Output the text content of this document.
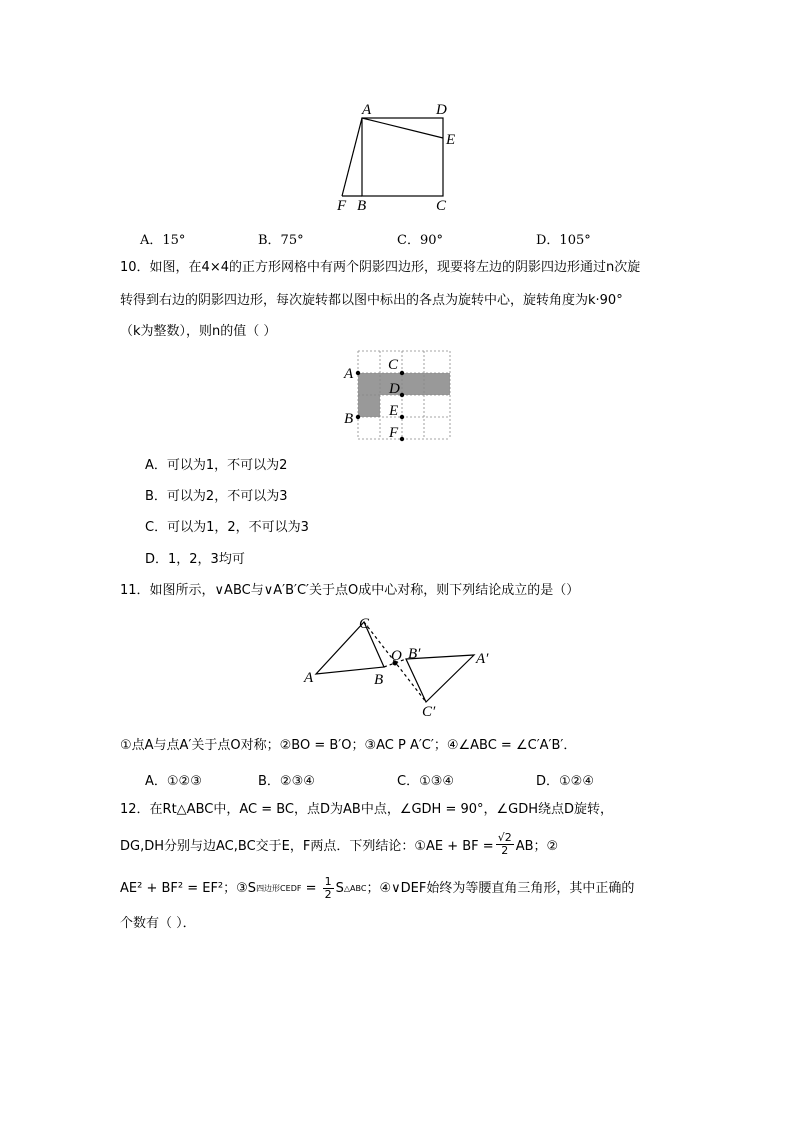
A	D
E
F B	C
A．15°	B．75°	C．90°	D．105°
10．如图，在4×4的正方形网格中有两个阴影四边形，现要将左边的阴影四边形通过n次旋
转得到右边的阴影四边形，每次旋转都以图中标出的各点为旋转中心，旋转角度为k·90°
（k为整数），则n的值（ ）
A
B
C
D
E
F
A．可以为1，不可以为2
B．可以为2，不可以为3
C．可以为1，2，不可以为3
D．1，2，3均可
11．如图所示，∨ABC与∨A′B′C′关于点O成中心对称，则下列结论成立的是（）
C
O B′	A′
A	B
C′
①点A与点A′关于点O对称；②BO = B′O；③AC P A′C′；④∠ABC = ∠C′A′B′．
A．①②③	B．②③④	C．①③④	D．①②④
12．在Rt△ABC中，AC = BC，点D为AB中点，∠GDH = 90°，∠GDH绕点D旋转，
DG,DH分别与边AC,BC交于E，F两点．下列结论：①AE + BF = $\frac{√2}{2}$ AB；②
AE² + BF² = EF²；③S 四边形CEDF = $\frac{1}{2}$ S △ABC ；④∨DEF始终为等腰直角三角形，其中正确的
个数有（ ）．
